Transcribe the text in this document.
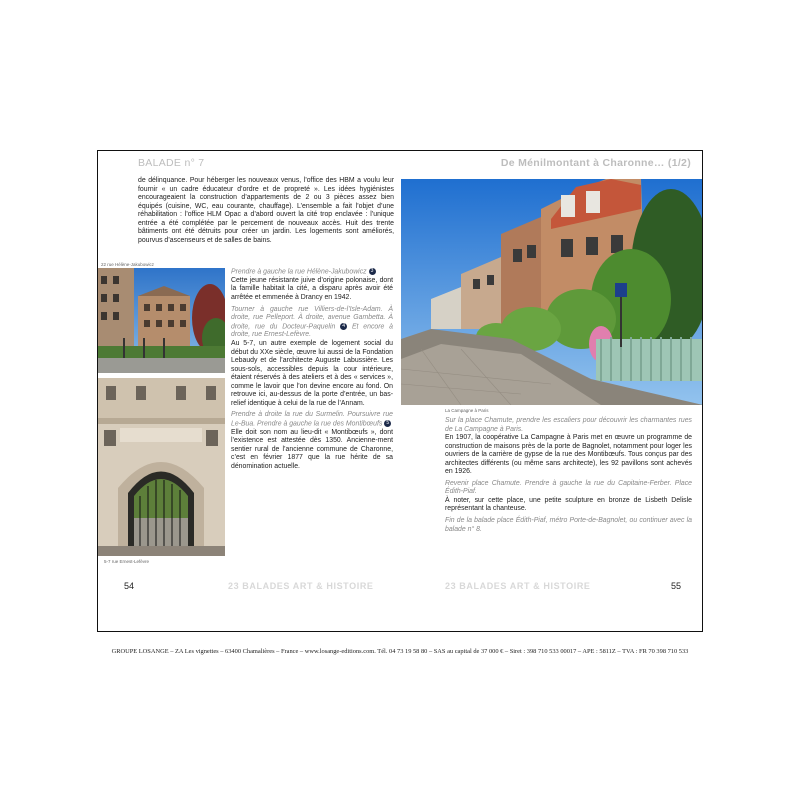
BALADE n° 7

de délinquance. Pour héberger les nouveaux venus, l’office des HBM a voulu leur fournir « un cadre éducateur d’ordre et de propreté ». Les idées hygiénistes encourageaient la construction d’appartements de 2 ou 3 pièces assez bien équipés (cuisine, WC, eau courante, chauffage). L’ensemble a fait l’objet d’une réhabilitation : l’office HLM Opac a d’abord ouvert la cité trop enclavée : l’unique entrée a été complétée par le percement de nouveaux accès. Huit des trente bâtiments ont été détruits pour créer un jardin. Les logements sont améliorés, pourvus d’ascenseurs et de salles de bains.

22 rue Hélène-Jakubowicz
5-7 rue Ernest-Lefèvre

Prendre à gauche la rue Hélène-Jakubowicz 3

Cette jeune résistante juive d’origine polonaise, dont la famille habitait la cité, a disparu après avoir été arrêtée et emmenée à Drancy en 1942.

Tourner à gauche rue Villiers-de-l’Isle-Adam. À droite, rue Pelleport. À droite, avenue Gambetta. À droite, rue du Docteur-Paquelin 4 Et encore à droite, rue Ernest-Lefèvre.

Au 5-7, un autre exemple de logement social du début du XXe siècle, œuvre lui aussi de la Fondation Lebaudy et de l’architecte Auguste Labussière. Les sous-sols, accessibles depuis la cour intérieure, étaient réservés à des ateliers et à des « services », comme le lavoir que l’on devine encore au fond. On retrouve ici, au-dessus de la porte d’entrée, un bas-relief identique à celui de la rue de l’Annam.

Prendre à droite la rue du Surmelin. Poursuivre rue Le-Bua. Prendre à gauche la rue des Montibœufs 5

Elle doit son nom au lieu-dit « Montibœufs », dont l’existence est attestée dès 1350. Ancienne-ment sentier rural de l’ancienne commune de Charonne, c’est en février 1877 que la rue hérite de sa dénomination actuelle.

54	23 BALADES ART & HISTOIRE
De Ménilmontant à Charonne… (1/2)
La Campagne à Paris

Sur la place Chamute, prendre les escaliers pour découvrir les charmantes rues de La Campagne à Paris.

En 1907, la coopérative La Campagne à Paris met en œuvre un programme de construction de maisons près de la porte de Bagnolet, notamment pour loger les ouvriers de la carrière de gypse de la rue des Montibœufs. Tous conçus par des architectes différents (ou même sans architecte), les 92 pavillons sont achevés en 1926.

Revenir place Chamute. Prendre à gauche la rue du Capitaine-Ferber. Place Édith-Piaf.

À noter, sur cette place, une petite sculpture en bronze de Lisbeth Delisle représentant la chanteuse.

Fin de la balade place Édith-Piaf, métro Porte-de-Bagnolet, ou continuer avec la balade n° 8.

23 BALADES ART & HISTOIRE	55
GROUPE LOSANGE – ZA Les vignettes – 63400 Chamalières – France – www.losange-editions.com. Tél. 04 73 19 58 80 – SAS au capital de 37 000 € – Siret : 398 710 533 00017 – APE : 5811Z – TVA : FR 70 398 710 533
